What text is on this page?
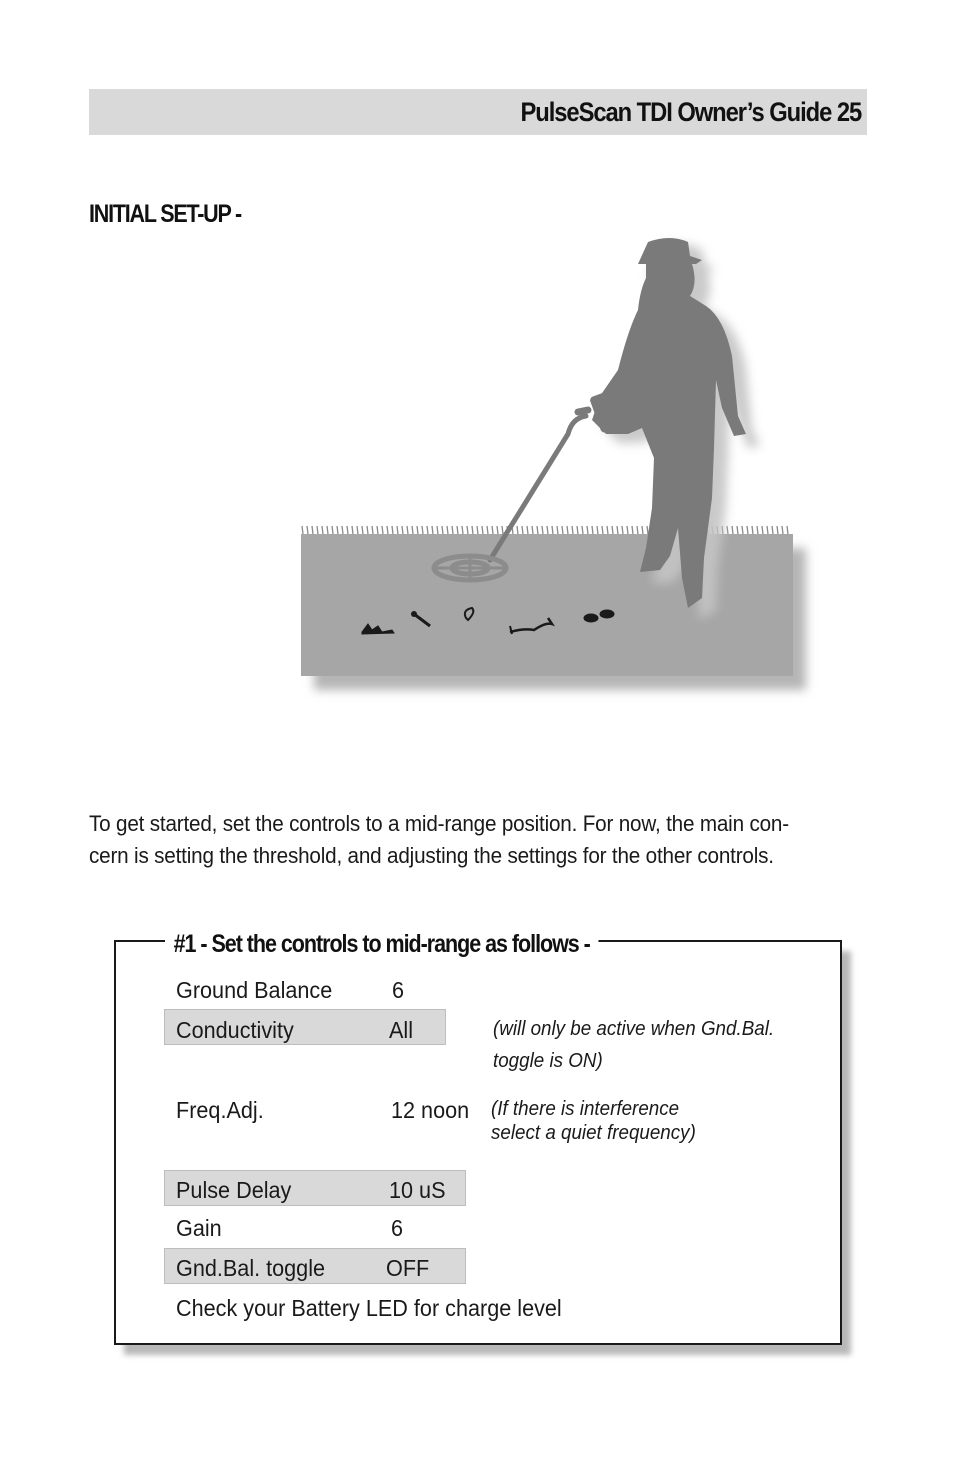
PulseScan TDI Owner’s Guide 25
INITIAL SET-UP -

To get started, set the controls to a mid-range position. For now, the main con-

cern is setting the threshold, and adjusting the settings for the other controls.

#1 - Set the controls to mid-range as follows -
Ground Balance	6
Conductivity	All	(will only be active when Gnd.Bal.
toggle is ON)
Freq.Adj.	12 noon (If there is interference
select a quiet frequency)
Pulse Delay	10 uS
Gain	6
Gnd.Bal. toggle	OFF
Check your Battery LED for charge level
